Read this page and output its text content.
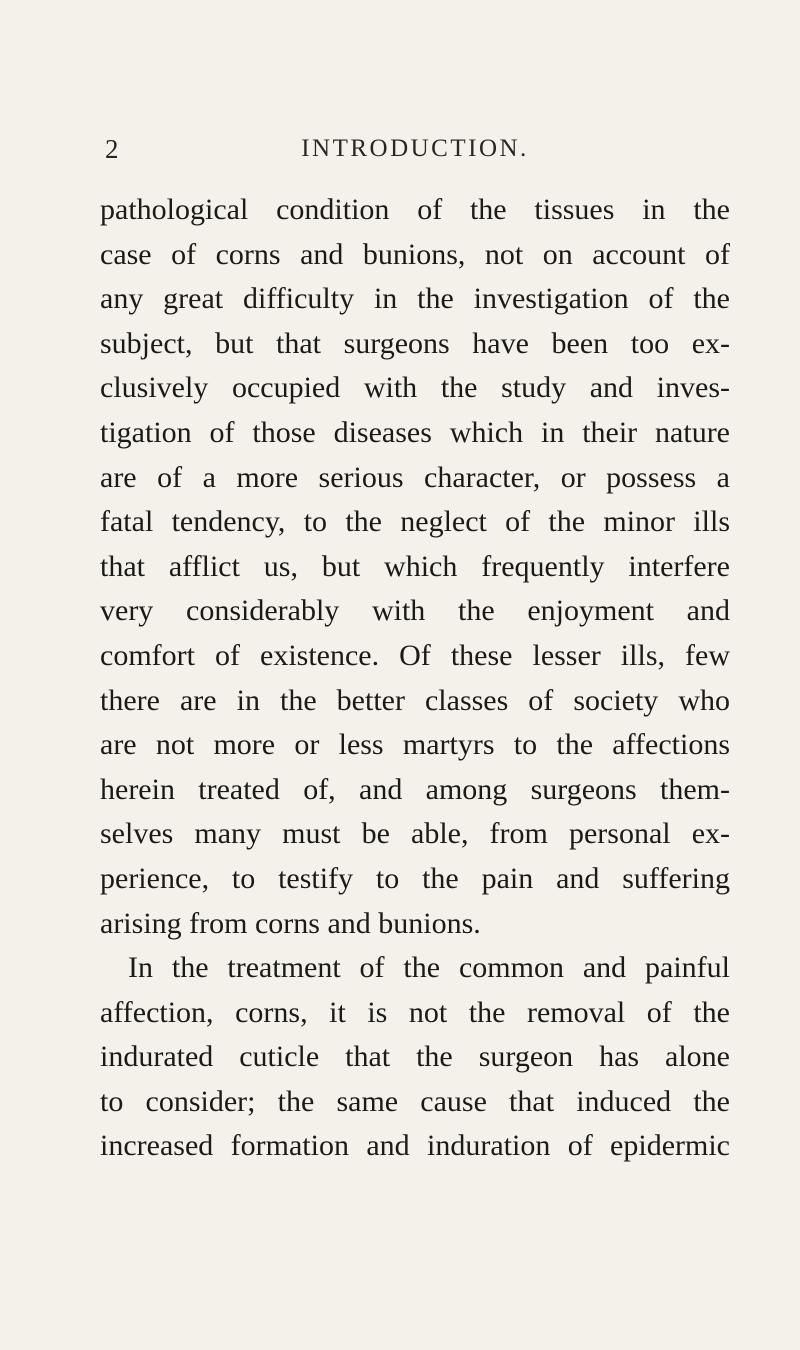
2	INTRODUCTION.
pathological condition of the tissues in the
case of corns and bunions, not on account of
any great difficulty in the investigation of the
subject, but that surgeons have been too ex-
clusively occupied with the study and inves-
tigation of those diseases which in their nature
are of a more serious character, or possess a
fatal tendency, to the neglect of the minor ills
that afflict us, but which frequently interfere
very considerably with the enjoyment and
comfort of existence. Of these lesser ills, few
there are in the better classes of society who
are not more or less martyrs to the affections
herein treated of, and among surgeons them-
selves many must be able, from personal ex-
perience, to testify to the pain and suffering
arising from corns and bunions.
In the treatment of the common and painful
affection, corns, it is not the removal of the
indurated cuticle that the surgeon has alone
to consider; the same cause that induced the
increased formation and induration of epidermic
